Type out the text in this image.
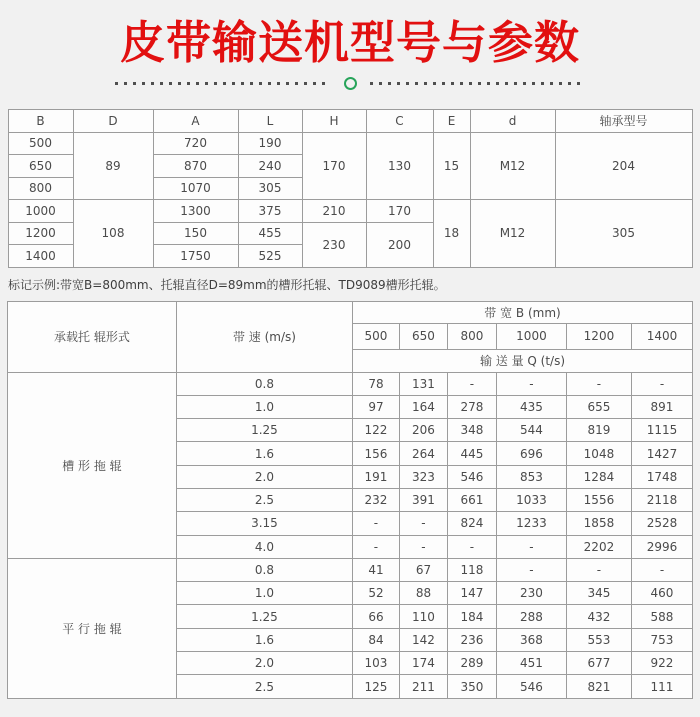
皮带输送机型号与参数
B	D	A	L	H	C	E	d	轴承型号
500	89	720	190	170	130	15	M12	204
650		870	240					
800		1070	305					
1000	108	1300	375	210	170	18	M12	305
1200		150	455	230	200			
1400		1750	525					
标记示例:带宽B=800mm、托辊直径D=89mm的槽形托辊、TD9089槽形托辊。
承载托 辊形式	带 速 (m/s)	带 宽 B (mm)					
		500	650	800	1000	1200	1400
		输 送 量 Q (t/s)					
槽 形 拖 辊	0.8	78	131	-	-	-	-
	1.0	97	164	278	435	655	891
	1.25	122	206	348	544	819	1115
	1.6	156	264	445	696	1048	1427
	2.0	191	323	546	853	1284	1748
	2.5	232	391	661	1033	1556	2118
	3.15	-	-	824	1233	1858	2528
	4.0	-	-	-	-	2202	2996
平 行 拖 辊	0.8	41	67	118	-	-	-
	1.0	52	88	147	230	345	460
	1.25	66	110	184	288	432	588
	1.6	84	142	236	368	553	753
	2.0	103	174	289	451	677	922
	2.5	125	211	350	546	821	111
